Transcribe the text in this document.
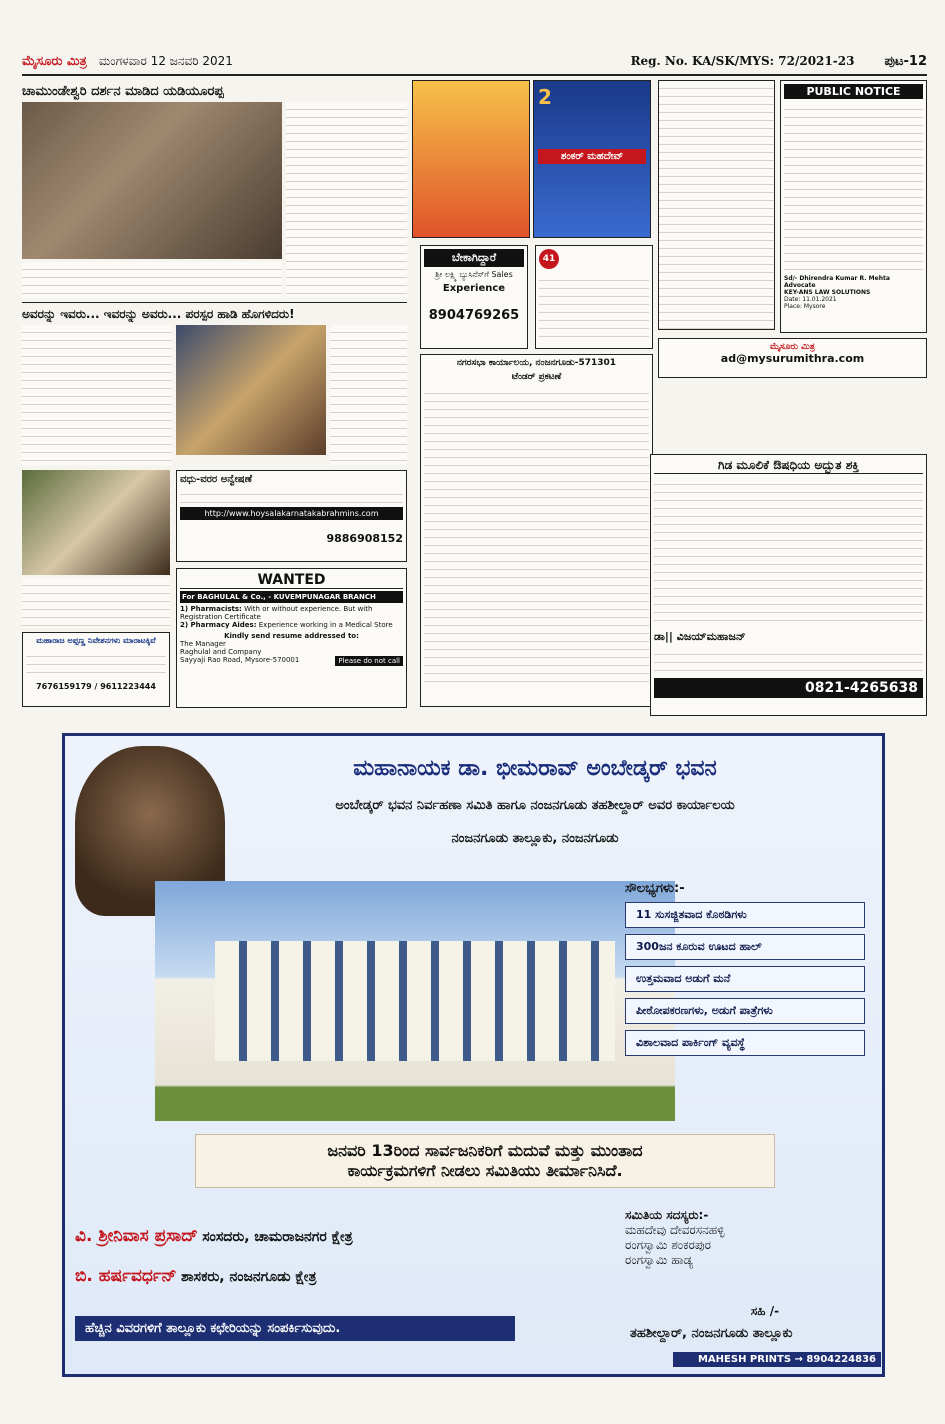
ಮೈಸೂರು ಮಿತ್ರ ಮಂಗಳವಾರ 12 ಜನವರಿ 2021	Reg. No. KA/SK/MYS: 72/2021-23 ಪುಟ-12
ಚಾಮುಂಡೇಶ್ವರಿ ದರ್ಶನ ಮಾಡಿದ ಯಡಿಯೂರಪ್ಪ
ಅವರನ್ನು ಇವರು... ಇವರನ್ನು ಅವರು... ಪರಸ್ಪರ ಹಾಡಿ ಹೊಗಳಿದರು!
ಮಹಾರಾಜ ಅಪ್ಪಣ್ಣ ನಿವೇಶನಗಳು ಮಾರಾಟಕ್ಕಿವೆ
7676159179 / 9611223444
ವಧು-ವರರ ಅನ್ವೇಷಣೆ
http://www.hoysalakarnatakabrahmins.com
9886908152
WANTED
For BAGHULAL & Co., - KUVEMPUNAGAR BRANCH
1) Pharmacists: With or without experience. But with Registration Certificate
2) Pharmacy Aides: Experience working in a Medical Store
Kindly send resume addressed to:
The Manager
Raghulal and Company
Sayyaji Rao Road, Mysore-570001	Please do not call
2
ಶಂಕರ್ ಮಹದೇವ್
ಬೇಕಾಗಿದ್ದಾರೆ
ಶ್ರೀ ಲಕ್ಷ್ಮಿ ಬ್ಯುಸಿನೆಸ್‌ಗೆ Sales
Experience
8904769265
41
ನಗರಸಭಾ ಕಾರ್ಯಾಲಯ, ನಂಜನಗೂಡು-571301
ಟೆಂಡರ್ ಪ್ರಕಟಣೆ
PUBLIC NOTICE
Sd/- Dhirendra Kumar R. Mehta Advocate
KEY-ANS LAW SOLUTIONS
Date: 11.01.2021
Place: Mysore
ಮೈಸೂರು ಮಿತ್ರ
ad@mysurumithra.com
ಗಿಡ ಮೂಲಿಕೆ ಔಷಧಿಯ ಅದ್ಭುತ ಶಕ್ತಿ
ಡಾ|| ವಿಜಯ್‌ಮಹಾಜನ್
0821-4265638
ಮಹಾನಾಯಕ ಡಾ. ಭೀಮರಾವ್ ಅಂಬೇಡ್ಕರ್ ಭವನ
ಅಂಬೇಡ್ಕರ್ ಭವನ ನಿರ್ವಹಣಾ ಸಮಿತಿ ಹಾಗೂ ನಂಜನಗೂಡು ತಹಶೀಲ್ದಾರ್ ಅವರ ಕಾರ್ಯಾಲಯ
ನಂಜನಗೂಡು ತಾಲ್ಲೂಕು, ನಂಜನಗೂಡು
ಸೌಲಭ್ಯಗಳು:-
11 ಸುಸಜ್ಜಿತವಾದ ಕೊಠಡಿಗಳು
300ಜನ ಕೂರುವ ಊಟದ ಹಾಲ್
ಉತ್ತಮವಾದ ಅಡುಗೆ ಮನೆ
ಪೀಠೋಪಕರಣಗಳು, ಅಡುಗೆ ಪಾತ್ರೆಗಳು
ವಿಶಾಲವಾದ ಪಾರ್ಕಿಂಗ್ ವ್ಯವಸ್ಥೆ
ಜನವರಿ 13ರಿಂದ ಸಾರ್ವಜನಿಕರಿಗೆ ಮದುವೆ ಮತ್ತು ಮುಂತಾದ
ಕಾರ್ಯಕ್ರಮಗಳಿಗೆ ನೀಡಲು ಸಮಿತಿಯು ತೀರ್ಮಾನಿಸಿದೆ.
ವಿ. ಶ್ರೀನಿವಾಸ ಪ್ರಸಾದ್ ಸಂಸದರು, ಚಾಮರಾಜನಗರ ಕ್ಷೇತ್ರ
ಬಿ. ಹರ್ಷವರ್ಧನ್ ಶಾಸಕರು, ನಂಜನಗೂಡು ಕ್ಷೇತ್ರ
ಸಮಿತಿಯ ಸದಸ್ಯರು:-
ಮಹದೇವು ದೇವರಸನಹಳ್ಳಿ
ರಂಗಸ್ವಾಮಿ ಶಂಕರಪುರ
ರಂಗಸ್ವಾಮಿ ಹಾಡ್ಯ
ಹೆಚ್ಚಿನ ವಿವರಗಳಿಗೆ ತಾಲ್ಲೂಕು ಕಛೇರಿಯನ್ನು ಸಂಪರ್ಕಿಸುವುದು.
ಸಹಿ /-
ತಹಶೀಲ್ದಾರ್, ನಂಜನಗೂಡು ತಾಲ್ಲೂಕು
MAHESH PRINTS → 8904224836
